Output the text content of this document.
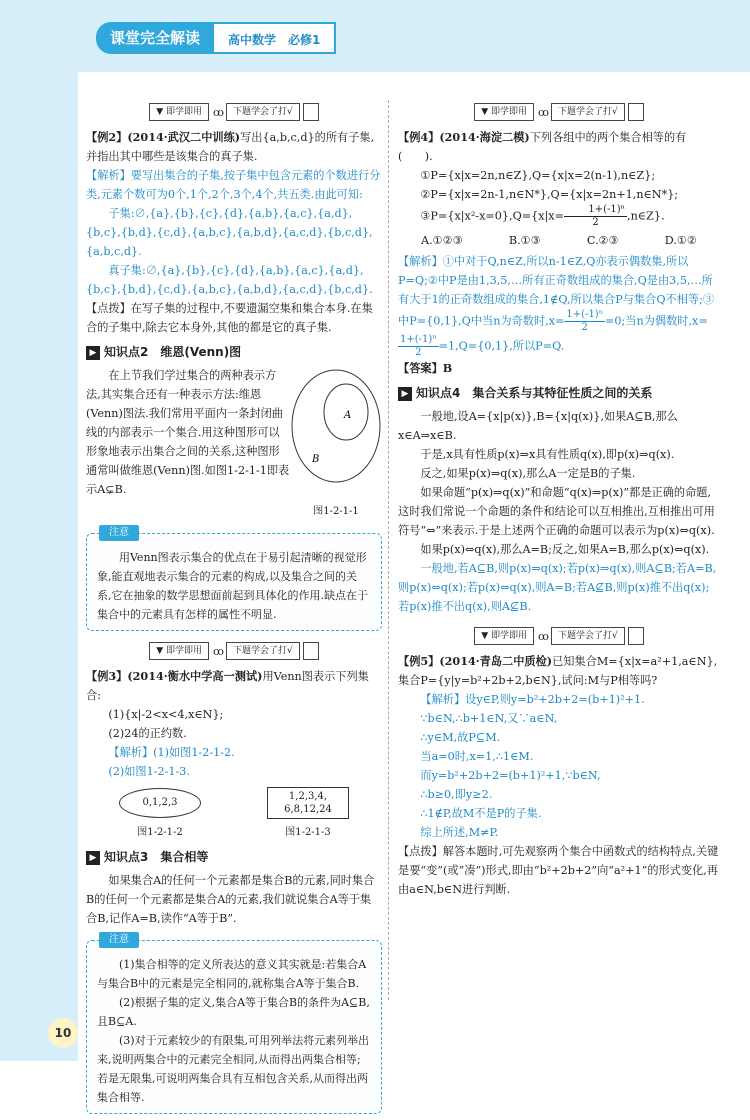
课堂完全解读	高中数学　必修1
10
▼ 即学即用	ꝏ	下题学会了打√

【例2】(2014·武汉二中训练)写出{a,b,c,d}的所有子集,并指出其中哪些是该集合的真子集.

【解析】要写出集合的子集,按子集中包含元素的个数进行分类,元素个数可为0个,1个,2个,3个,4个,共五类.由此可知:

子集:∅,{a},{b},{c},{d},{a,b},{a,c},{a,d},{b,c},{b,d},{c,d},{a,b,c},{a,b,d},{a,c,d},{b,c,d},{a,b,c,d}.

真子集:∅,{a},{b},{c},{d},{a,b},{a,c},{a,d},{b,c},{b,d},{c,d},{a,b,c},{a,b,d},{a,c,d},{b,c,d}.

【点拨】在写子集的过程中,不要遗漏空集和集合本身.在集合的子集中,除去它本身外,其他的都是它的真子集.

▶ 知识点2　维恩(Venn)图

在上节我们学过集合的两种表示方法,其实集合还有一种表示方法:维恩(Venn)图法.我们常用平面内一条封闭曲线的内部表示一个集合.用这种图形可以形象地表示出集合之间的关系,这种图形通常叫做维恩(Venn)图.如图1-2-1-1即表示A⊊B.

A
B
图1-2-1-1
注意

用Venn图表示集合的优点在于易引起清晰的视觉形象,能直观地表示集合的元素的构成,以及集合之间的关系,它在抽象的数学思想面前起到具体化的作用.缺点在于集合中的元素具有怎样的属性不明显.

▼ 即学即用	ꝏ	下题学会了打√

【例3】(2014·衡水中学高一测试)用Venn图表示下列集合:

(1){x|-2<x<4,x∈N};

(2)24的正约数.

【解析】(1)如图1-2-1-2.

(2)如图1-2-1-3.

0,1,2,3
1,2,3,4,
6,8,12,24
图1-2-1-2	图1-2-1-3
▶ 知识点3　集合相等

如果集合A的任何一个元素都是集合B的元素,同时集合B的任何一个元素都是集合A的元素,我们就说集合A等于集合B,记作A=B,读作“A等于B”.

注意

(1)集合相等的定义所表达的意义其实就是:若集合A与集合B中的元素是完全相同的,就称集合A等于集合B.

(2)根据子集的定义,集合A等于集合B的条件为A⊆B,且B⊆A.

(3)对于元素较少的有限集,可用列举法将元素列举出来,说明两集合中的元素完全相同,从而得出两集合相等;若是无限集,可说明两集合具有互相包含关系,从而得出两集合相等.

▼ 即学即用	ꝏ	下题学会了打√

【例4】(2014·海淀二模)下列各组中的两个集合相等的有(　　).

①P={x|x=2n,n∈Z},Q={x|x=2(n-1),n∈Z};

②P={x|x=2n-1,n∈N*},Q={x|x=2n+1,n∈N*};

③P={x|x²-x=0},Q={x|x= $\frac{\text{1+(-1)ⁿ}}{2},n\in Z$}.

A.①②③	B.①③	C.②③	D.①②

【解析】①中对于Q,n∈Z,所以n-1∈Z,Q亦表示偶数集,所以P=Q;②中P是由1,3,5,…所有正奇数组成的集合,Q是由3,5,…所有大于1的正奇数组成的集合,1∉Q,所以集合P与集合Q不相等;③中P={0,1},Q中当n为奇数时$,x= \frac{\text{1+(-1)ⁿ}}{2}=0$;当n为偶数时,x=
$\frac{\text{1+(-1)ⁿ}}{2}=1,Q=\{0,1\}$,所以P=Q.

【答案】B

▶ 知识点4　集合关系与其特征性质之间的关系

一般地,设A={x|p(x)},B={x|q(x)},如果A⊆B,那么x∈A⇒x∈B.

于是,x具有性质p(x)⇒x具有性质q(x),即p(x)⇒q(x).

反之,如果p(x)⇒q(x),那么A一定是B的子集.

如果命题“p(x)⇒q(x)”和命题“q(x)⇒p(x)”都是正确的命题,这时我们常说一个命题的条件和结论可以互相推出,互相推出可用符号“⇔”来表示.于是上述两个正确的命题可以表示为p(x)⇔q(x).

如果p(x)⇔q(x),那么A=B;反之,如果A=B,那么p(x)⇔q(x).

一般地,若A⊆B,则p(x)⇒q(x);若p(x)⇒q(x),则A⊆B;若A=B,则p(x)⇔q(x);若p(x)⇔q(x),则A=B;若A⊈B,则p(x)推不出q(x);若p(x)推不出q(x),则A⊈B.

▼ 即学即用	ꝏ	下题学会了打√

【例5】(2014·青岛二中质检)已知集合M={x|x=a²+1,a∈N},集合P={y|y=b²+2b+2,b∈N},试问:M与P相等吗?

【解析】设y∈P,则y=b²+2b+2=(b+1)²+1.

∵b∈N,∴b+1∈N,又∵a∈N,

∴y∈M,故P⊆M.

当a=0时,x=1,∴1∈M.

而y=b²+2b+2=(b+1)²+1,∵b∈N,

∴b≥0,即y≥2.

∴1∉P,故M不是P的子集.

综上所述,M≠P.

【点拨】解答本题时,可先观察两个集合中函数式的结构特点,关键是要“变”(或“凑”)形式,即由“b²+2b+2”向“a²+1”的形式变化,再由a∈N,b∈N进行判断.
